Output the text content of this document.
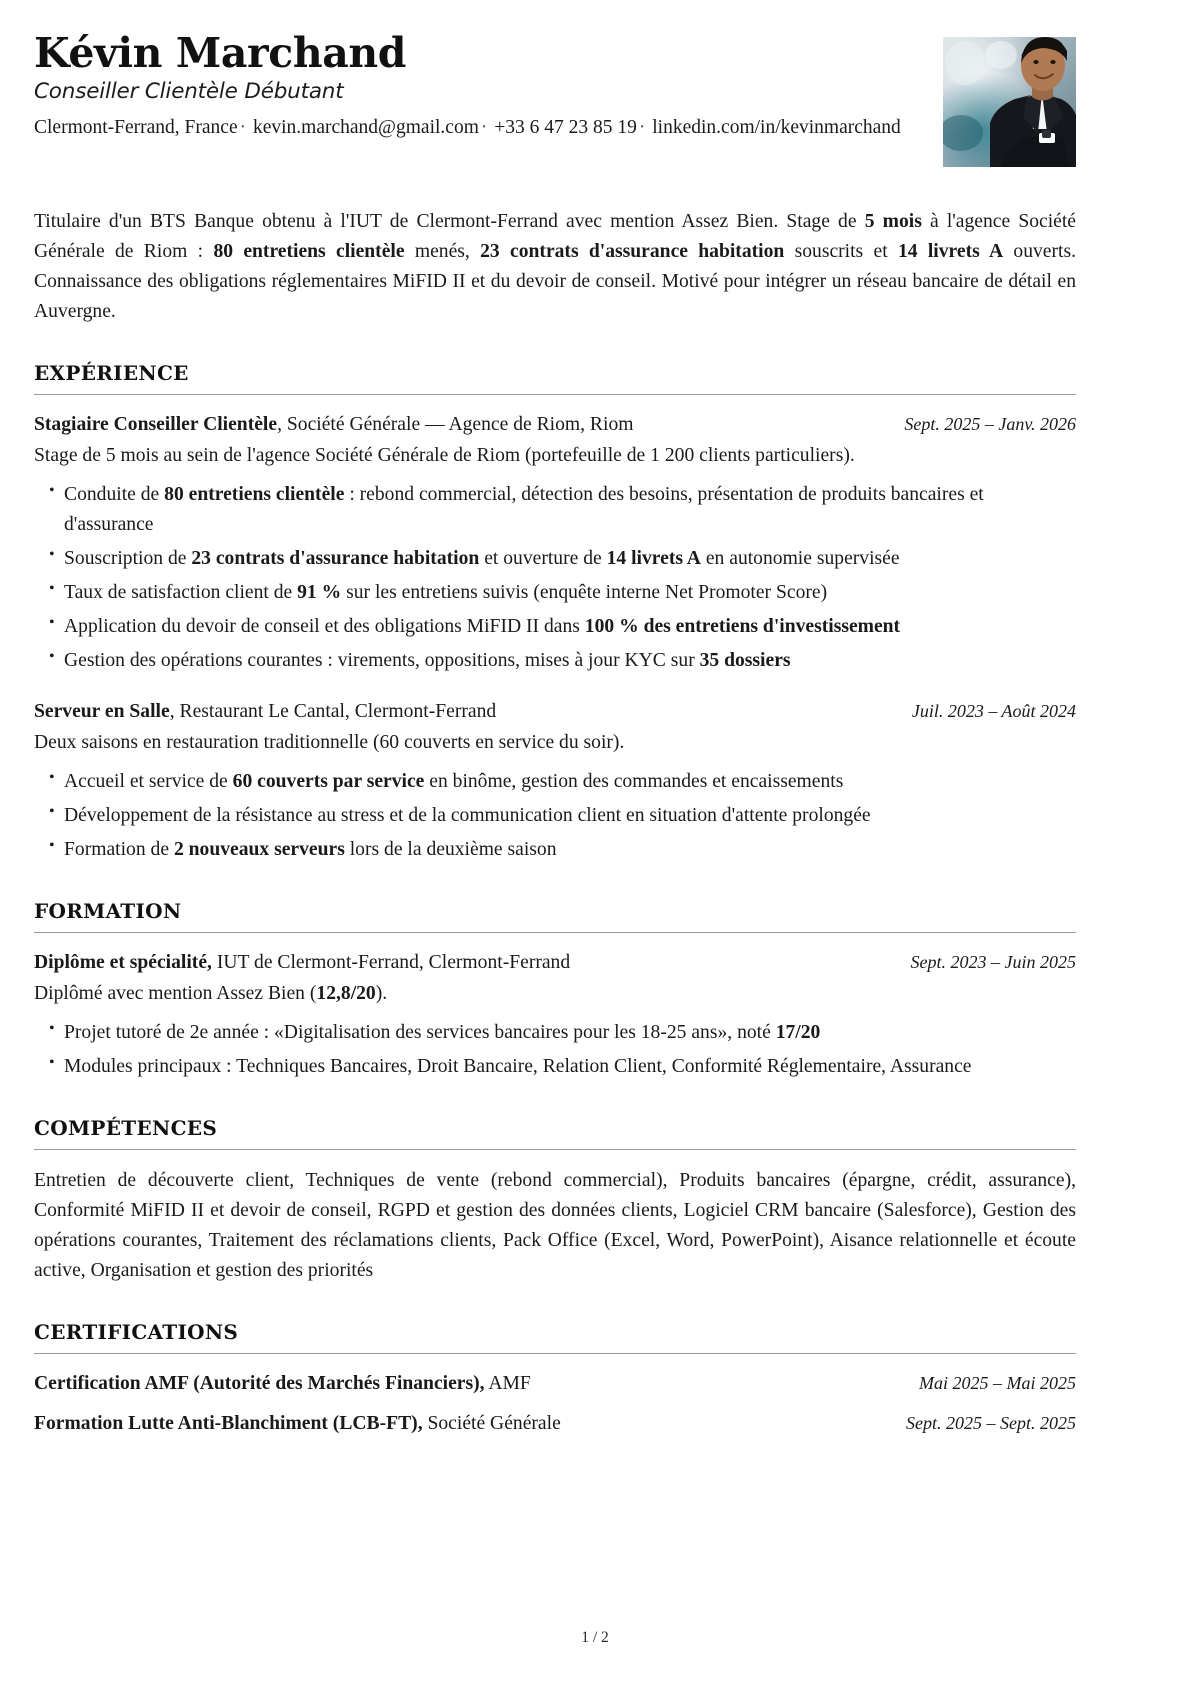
Kévin Marchand
Conseiller Clientèle Débutant
Clermont-Ferrand, France · kevin.marchand@gmail.com · +33 6 47 23 85 19 · linkedin.com/in/kevinmarchand

Titulaire d'un BTS Banque obtenu à l'IUT de Clermont-Ferrand avec mention Assez Bien. Stage de 5 mois à l'agence Société Générale de Riom : 80 entretiens clientèle menés, 23 contrats d'assurance habitation souscrits et 14 livrets A ouverts. Connaissance des obligations réglementaires MiFID II et du devoir de conseil. Motivé pour intégrer un réseau bancaire de détail en Auvergne.

EXPÉRIENCE
Stagiaire Conseiller Clientèle, Société Générale — Agence de Riom, Riom	Sept. 2025 – Janv. 2026
Stage de 5 mois au sein de l'agence Société Générale de Riom (portefeuille de 1 200 clients particuliers).
• Conduite de 80 entretiens clientèle : rebond commercial, détection des besoins, présentation de produits bancaires et d'assurance
• Souscription de 23 contrats d'assurance habitation et ouverture de 14 livrets A en autonomie supervisée
• Taux de satisfaction client de 91 % sur les entretiens suivis (enquête interne Net Promoter Score)
• Application du devoir de conseil et des obligations MiFID II dans 100 % des entretiens d'investissement
• Gestion des opérations courantes : virements, oppositions, mises à jour KYC sur 35 dossiers
Serveur en Salle, Restaurant Le Cantal, Clermont-Ferrand	Juil. 2023 – Août 2024
Deux saisons en restauration traditionnelle (60 couverts en service du soir).
• Accueil et service de 60 couverts par service en binôme, gestion des commandes et encaissements
• Développement de la résistance au stress et de la communication client en situation d'attente prolongée
• Formation de 2 nouveaux serveurs lors de la deuxième saison
FORMATION
Diplôme et spécialité, IUT de Clermont-Ferrand, Clermont-Ferrand	Sept. 2023 – Juin 2025
Diplômé avec mention Assez Bien (12,8/20).
• Projet tutoré de 2e année : «Digitalisation des services bancaires pour les 18-25 ans», noté 17/20
• Modules principaux : Techniques Bancaires, Droit Bancaire, Relation Client, Conformité Réglementaire, Assurance
COMPÉTENCES
Entretien de découverte client, Techniques de vente (rebond commercial), Produits bancaires (épargne, crédit, assurance), Conformité MiFID II et devoir de conseil, RGPD et gestion des données clients, Logiciel CRM bancaire (Salesforce), Gestion des opérations courantes, Traitement des réclamations clients, Pack Office (Excel, Word, PowerPoint), Aisance relationnelle et écoute active, Organisation et gestion des priorités
CERTIFICATIONS
Certification AMF (Autorité des Marchés Financiers), AMF	Mai 2025 – Mai 2025
Formation Lutte Anti-Blanchiment (LCB-FT), Société Générale	Sept. 2025 – Sept. 2025
1 / 2
